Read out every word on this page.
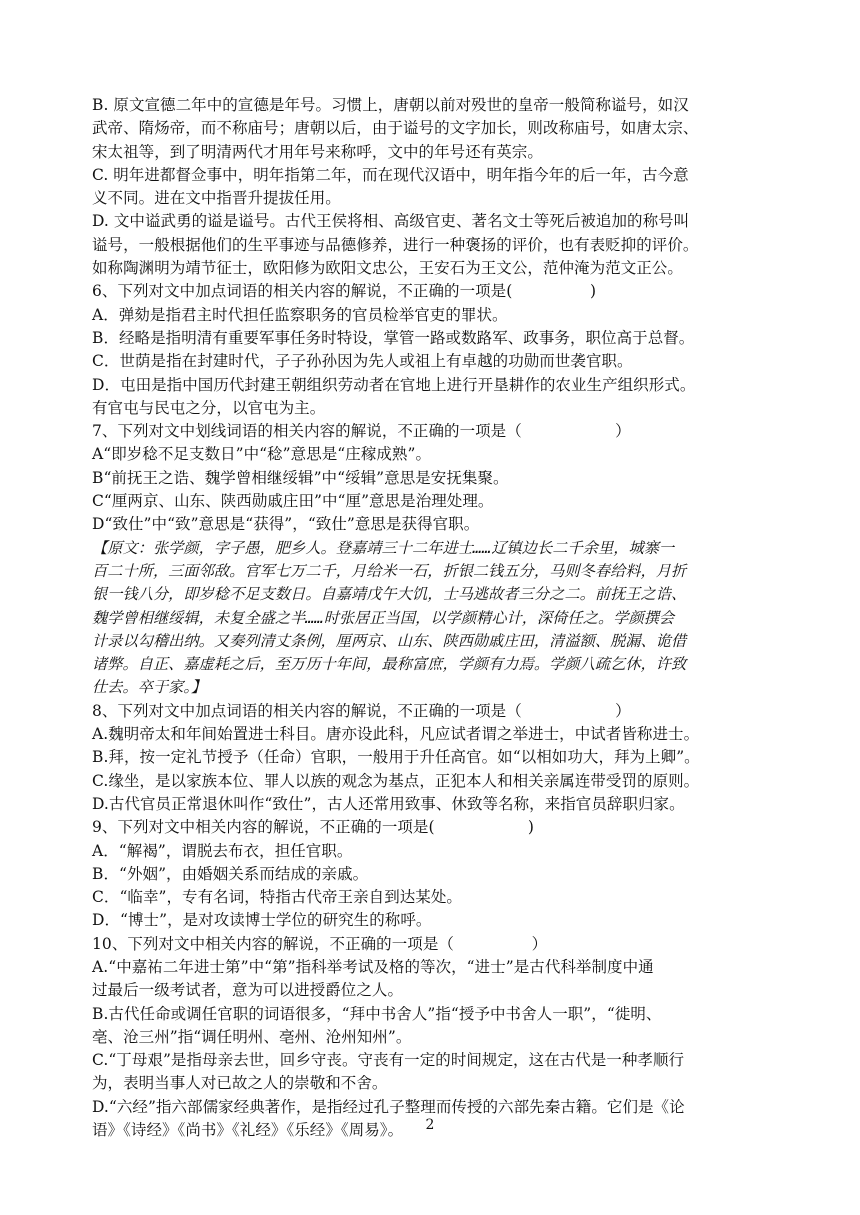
B. 原文宣德二年中的宣德是年号。习惯上，唐朝以前对殁世的皇帝一般简称谥号，如汉
武帝、隋炀帝，而不称庙号；唐朝以后，由于谥号的文字加长，则改称庙号，如唐太宗、
宋太祖等，到了明清两代才用年号来称呼，文中的年号还有英宗。
C. 明年进都督佥事中，明年指第二年，而在现代汉语中，明年指今年的后一年，古今意
义不同。进在文中指晋升提拔任用。
D. 文中谥武勇的谥是谥号。古代王侯将相、高级官吏、著名文士等死后被追加的称号叫
谥号，一般根据他们的生平事迹与品德修养，进行一种褒扬的评价，也有表贬抑的评价。
如称陶渊明为靖节征士，欧阳修为欧阳文忠公，王安石为王文公，范仲淹为范文正公。
6、下列对文中加点词语的相关内容的解说，不正确的一项是(　　　　　)
A．弹劾是指君主时代担任监察职务的官员检举官吏的罪状。
B．经略是指明清有重要军事任务时特设，掌管一路或数路军、政事务，职位高于总督。
C．世荫是指在封建时代，子子孙孙因为先人或祖上有卓越的功勋而世袭官职。
D．屯田是指中国历代封建王朝组织劳动者在官地上进行开垦耕作的农业生产组织形式。
有官屯与民屯之分，以官屯为主。
7、下列对文中划线词语的相关内容的解说，不正确的一项是（　　　　　　）
A“即岁稔不足支数日”中“稔”意思是“庄稼成熟”。
B“前抚王之诰、魏学曾相继绥辑”中“绥辑”意思是安抚集聚。
C“厘两京、山东、陕西勋戚庄田”中“厘”意思是治理处理。
D“致仕”中“致”意思是“获得”，“致仕”意思是获得官职。
【原文：张学颜，字子愚，肥乡人。登嘉靖三十二年进士……辽镇边长二千余里，城寨一
百二十所，三面邻敌。官军七万二千，月给米一石，折银二钱五分，马则冬春给料，月折
银一钱八分，即岁稔不足支数日。自嘉靖戊午大饥，士马逃故者三分之二。前抚王之诰、
魏学曾相继绥辑，未复全盛之半……时张居正当国，以学颜精心计，深倚任之。学颜撰会
计录以勾稽出纳。又奏列清丈条例，厘两京、山东、陕西勋戚庄田，清溢额、脱漏、诡借
诸弊。自正、嘉虚耗之后，至万历十年间，最称富庶，学颜有力焉。学颜八疏乞休，许致
仕去。卒于家。】
8、下列对文中加点词语的相关内容的解说，不正确的一项是（　　　　　　）
A.魏明帝太和年间始置进士科目。唐亦设此科，凡应试者谓之举进士，中试者皆称进士。
B.拜，按一定礼节授予（任命）官职，一般用于升任高官。如“以相如功大，拜为上卿”。
C.缘坐，是以家族本位、罪人以族的观念为基点，正犯本人和相关亲属连带受罚的原则。
D.古代官员正常退休叫作“致仕”，古人还常用致事、休致等名称，来指官员辞职归家。
9、下列对文中相关内容的解说，不正确的一项是(　　　　　　)
A．“解褐”，谓脱去布衣，担任官职。
B．“外姻”，由婚姻关系而结成的亲戚。
C．“临幸”，专有名词，特指古代帝王亲自到达某处。
D．“博士”，是对攻读博士学位的研究生的称呼。
10、下列对文中相关内容的解说，不正确的一项是（　　　　　）
A.“中嘉祐二年进士第”中“第”指科举考试及格的等次，“进士”是古代科举制度中通
过最后一级考试者，意为可以进授爵位之人。
B.古代任命或调任官职的词语很多，“拜中书舍人”指“授予中书舍人一职”，“徙明、
亳、沧三州”指“调任明州、亳州、沧州知州”。
C.“丁母艰”是指母亲去世，回乡守丧。守丧有一定的时间规定，这在古代是一种孝顺行
为，表明当事人对已故之人的崇敬和不舍。
D.“六经”指六部儒家经典著作，是指经过孔子整理而传授的六部先秦古籍。它们是《论
语》《诗经》《尚书》《礼经》《乐经》《周易》。	2
